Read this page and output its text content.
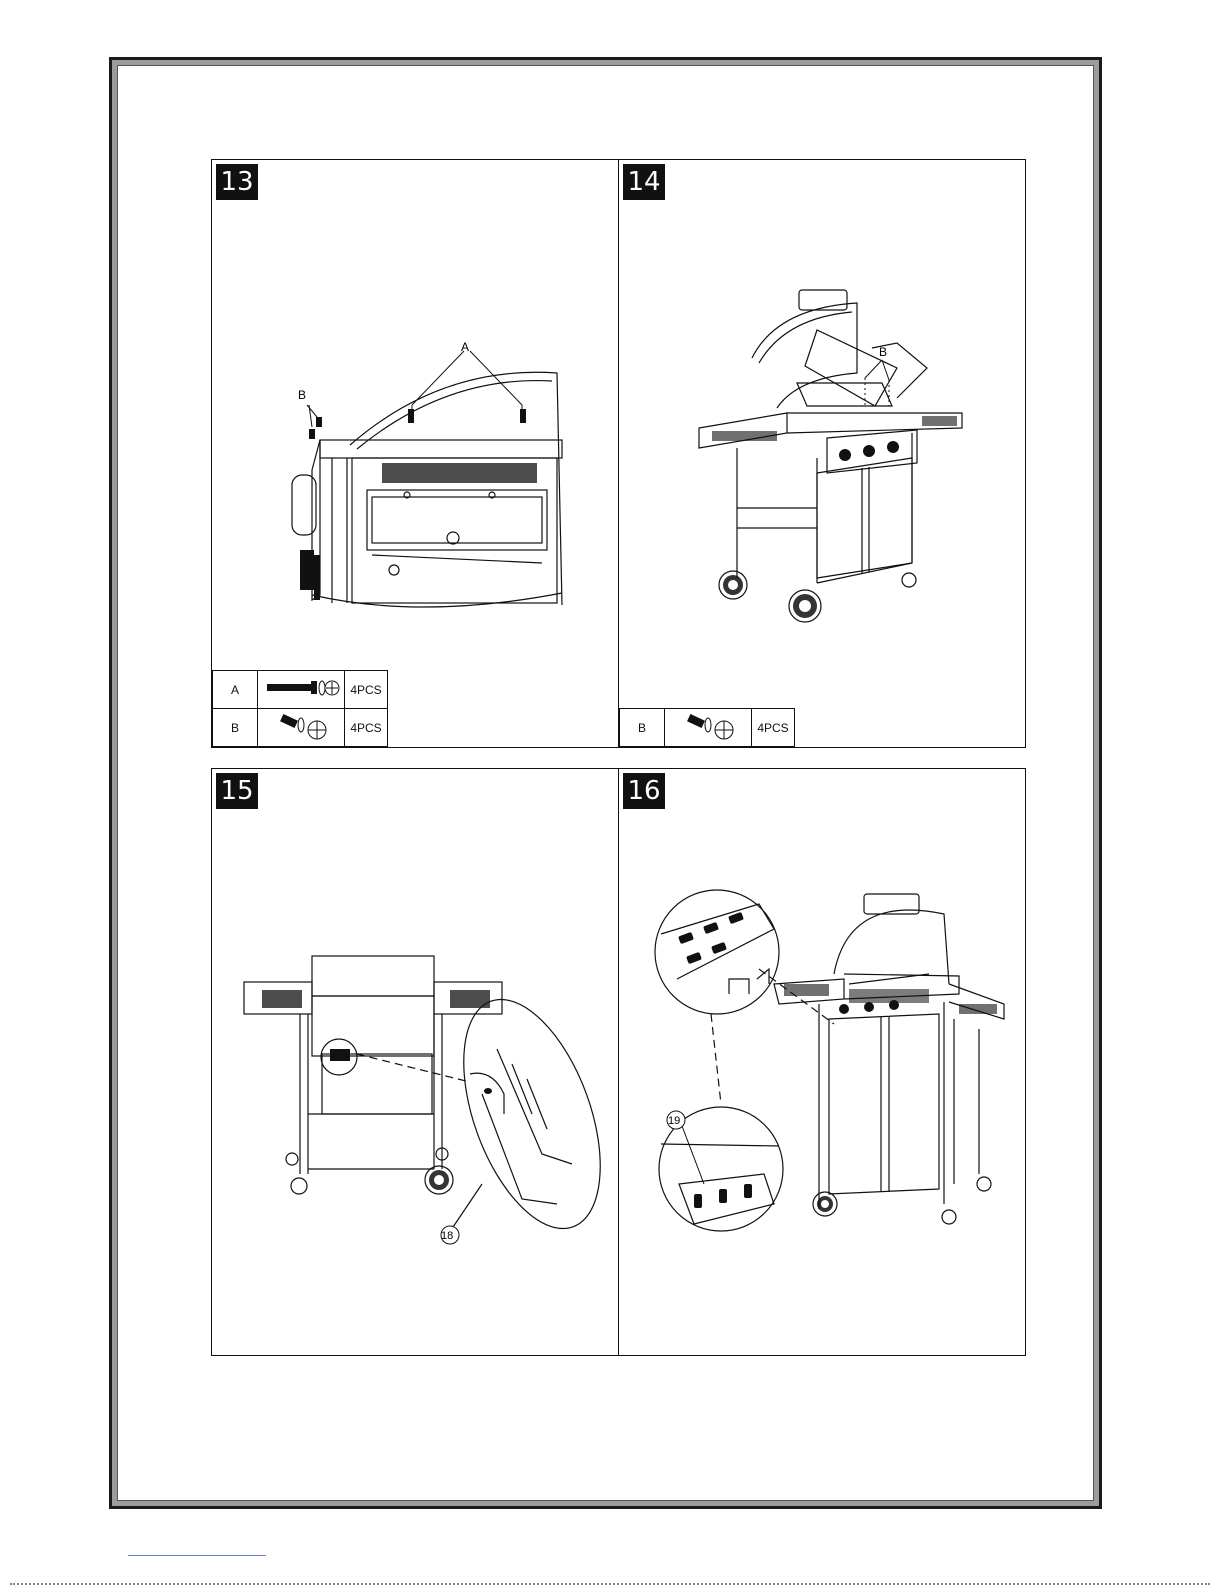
13
A
B
A		4PCS
B		4PCS
14
B
B		4PCS
15
18
16
19
